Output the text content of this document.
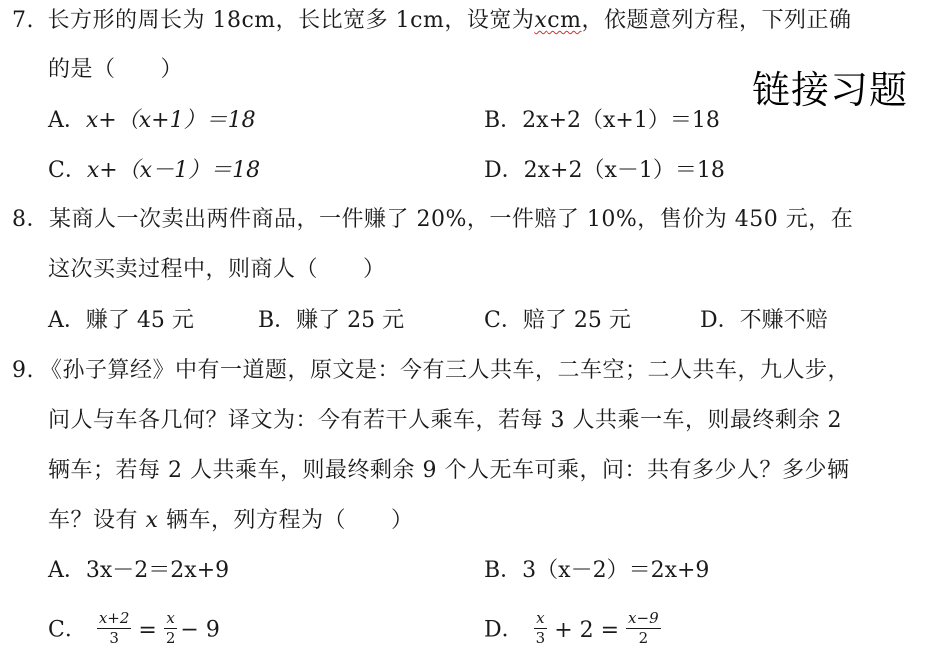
链接习题
7. 长方形的周长为 18cm，长比宽多 1cm，设宽为xcm，依题意列方程，下列正确
的是（　　）
A．x+（x+1）＝18	B．2x+2（x+1）＝18
C．x+（x－1）＝18	D．2x+2（x－1）＝18
8．某商人一次卖出两件商品，一件赚了 20%，一件赔了 10%，售价为 450 元，在
这次买卖过程中，则商人（　　）
A．赚了 45 元	B．赚了 25 元	C．赔了 25 元	D．不赚不赔
9. 《孙子算经》中有一道题，原文是：今有三人共车，二车空；二人共车，九人步，
问人与车各几何？译文为：今有若干人乘车，若每 3 人共乘一车，则最终剩余 2
辆车；若每 2 人共乘车，则最终剩余 9 个人无车可乘，问：共有多少人？多少辆
车？设有 x 辆车，列方程为（　　）
A．3x－2＝2x+9	B．3（x－2）＝2x+9
C． $\frac{x+2}{3} = \frac{x}{2} - 9$	D． $\frac{x}{3} + 2 = \frac{x-9}{2}$
